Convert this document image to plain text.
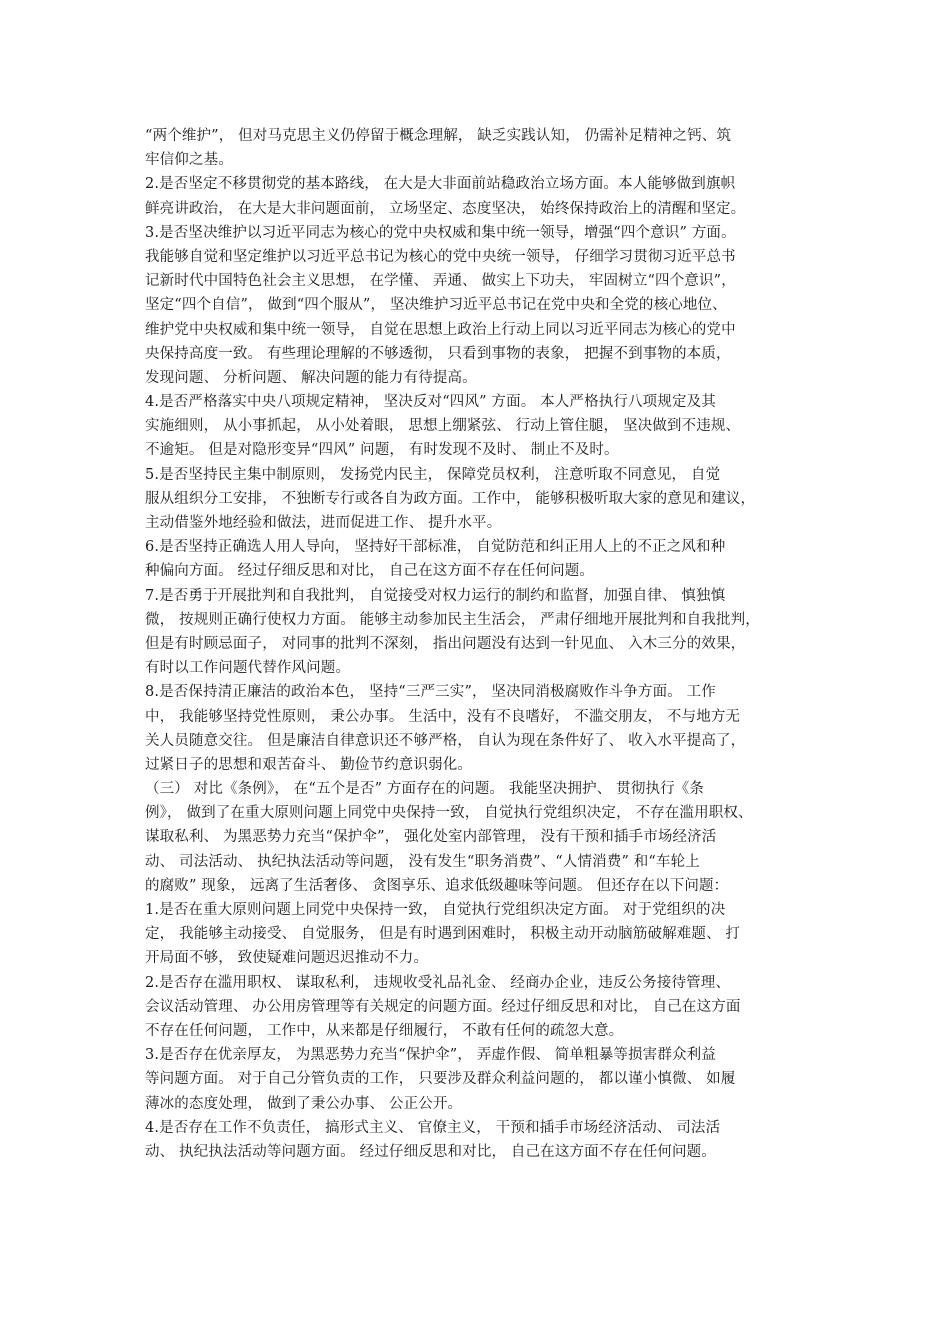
“两个维护”， 但对马克思主义仍停留于概念理解， 缺乏实践认知， 仍需补足精神之钙、筑
牢信仰之基。
2.是否坚定不移贯彻党的基本路线， 在大是大非面前站稳政治立场方面。本人能够做到旗帜
鲜亮讲政治， 在大是大非问题面前， 立场坚定、态度坚决， 始终保持政治上的清醒和坚定。
3.是否坚决维护以习近平同志为核心的党中央权威和集中统一领导，增强“四个意识” 方面。
我能够自觉和坚定维护以习近平总书记为核心的党中央统一领导， 仔细学习贯彻习近平总书
记新时代中国特色社会主义思想， 在学懂、 弄通、 做实上下功夫， 牢固树立“四个意识”，
坚定“四个自信”， 做到“四个服从”， 坚决维护习近平总书记在党中央和全党的核心地位、
维护党中央权威和集中统一领导， 自觉在思想上政治上行动上同以习近平同志为核心的党中
央保持高度一致。 有些理论理解的不够透彻， 只看到事物的表象， 把握不到事物的本质，
发现问题、 分析问题、 解决问题的能力有待提高。
4.是否严格落实中央八项规定精神， 坚决反对“四风” 方面。 本人严格执行八项规定及其
实施细则， 从小事抓起， 从小处着眼， 思想上绷紧弦、 行动上管住腿， 坚决做到不违规、
不逾矩。 但是对隐形变异“四风” 问题， 有时发现不及时、 制止不及时。
5.是否坚持民主集中制原则， 发扬党内民主， 保障党员权利， 注意听取不同意见， 自觉
服从组织分工安排， 不独断专行或各自为政方面。工作中， 能够积极听取大家的意见和建议，
主动借鉴外地经验和做法，进而促进工作、 提升水平。
6.是否坚持正确选人用人导向， 坚持好干部标准， 自觉防范和纠正用人上的不正之风和种
种偏向方面。 经过仔细反思和对比， 自己在这方面不存在任何问题。
7.是否勇于开展批判和自我批判， 自觉接受对权力运行的制约和监督，加强自律、 慎独慎
微， 按规则正确行使权力方面。 能够主动参加民主生活会， 严肃仔细地开展批判和自我批判，
但是有时顾忌面子， 对同事的批判不深刻， 指出问题没有达到一针见血、 入木三分的效果，
有时以工作问题代替作风问题。
8.是否保持清正廉洁的政治本色， 坚持“三严三实”， 坚决同消极腐败作斗争方面。 工作
中， 我能够坚持党性原则， 秉公办事。 生活中，没有不良嗜好， 不滥交朋友， 不与地方无
关人员随意交往。 但是廉洁自律意识还不够严格， 自认为现在条件好了、 收入水平提高了，
过紧日子的思想和艰苦奋斗、 勤俭节约意识弱化。
（三） 对比《条例》， 在“五个是否” 方面存在的问题。 我能坚决拥护、 贯彻执行《条
例》， 做到了在重大原则问题上同党中央保持一致， 自觉执行党组织决定， 不存在滥用职权、
谋取私利、 为黑恶势力充当“保护伞”， 强化处室内部管理， 没有干预和插手市场经济活
动、 司法活动、 执纪执法活动等问题， 没有发生“职务消费”、“人情消费” 和“车轮上
的腐败” 现象， 远离了生活奢侈、 贪图享乐、追求低级趣味等问题。 但还存在以下问题：
1.是否在重大原则问题上同党中央保持一致， 自觉执行党组织决定方面。 对于党组织的决
定， 我能够主动接受、 自觉服务， 但是有时遇到困难时， 积极主动开动脑筋破解难题、 打
开局面不够， 致使疑难问题迟迟推动不力。
2.是否存在滥用职权、 谋取私利， 违规收受礼品礼金、 经商办企业，违反公务接待管理、
会议活动管理、 办公用房管理等有关规定的问题方面。经过仔细反思和对比， 自己在这方面
不存在任何问题， 工作中，从来都是仔细履行， 不敢有任何的疏忽大意。
3.是否存在优亲厚友， 为黑恶势力充当“保护伞”， 弄虚作假、 简单粗暴等损害群众利益
等问题方面。 对于自己分管负责的工作， 只要涉及群众利益问题的， 都以谨小慎微、 如履
薄冰的态度处理， 做到了秉公办事、 公正公开。
4.是否存在工作不负责任， 搞形式主义、 官僚主义， 干预和插手市场经济活动、 司法活
动、 执纪执法活动等问题方面。 经过仔细反思和对比， 自己在这方面不存在任何问题。
